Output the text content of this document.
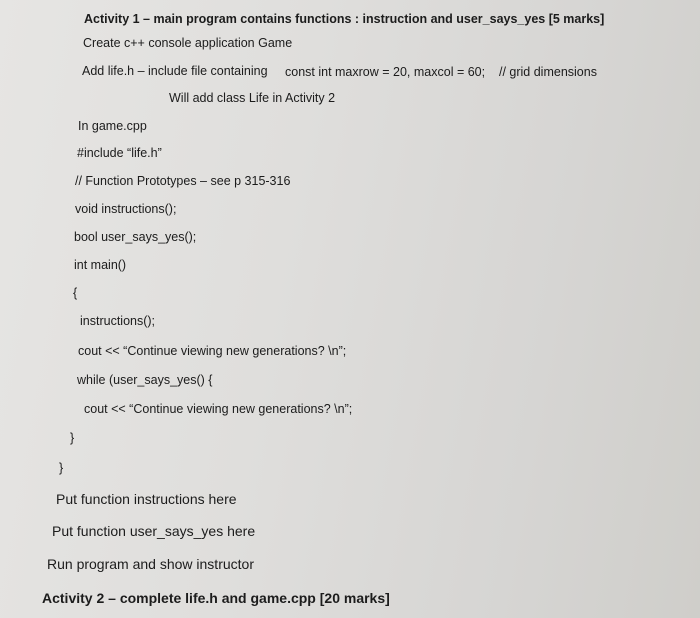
Activity 1 – main program contains functions : instruction and user_says_yes [5 marks]
Create c++ console application Game
Add life.h – include file containing const int maxrow = 20, maxcol = 60; // grid dimensions
Will add class Life in Activity 2
In game.cpp
#include “life.h”
// Function Prototypes – see p 315-316
void instructions();
bool user_says_yes();
int main()
{
instructions();
cout << “Continue viewing new generations? \n”;
while (user_says_yes() {
cout << “Continue viewing new generations? \n”;
}
}
Put function instructions here
Put function user_says_yes here
Run program and show instructor
Activity 2 – complete life.h and game.cpp [20 marks]
